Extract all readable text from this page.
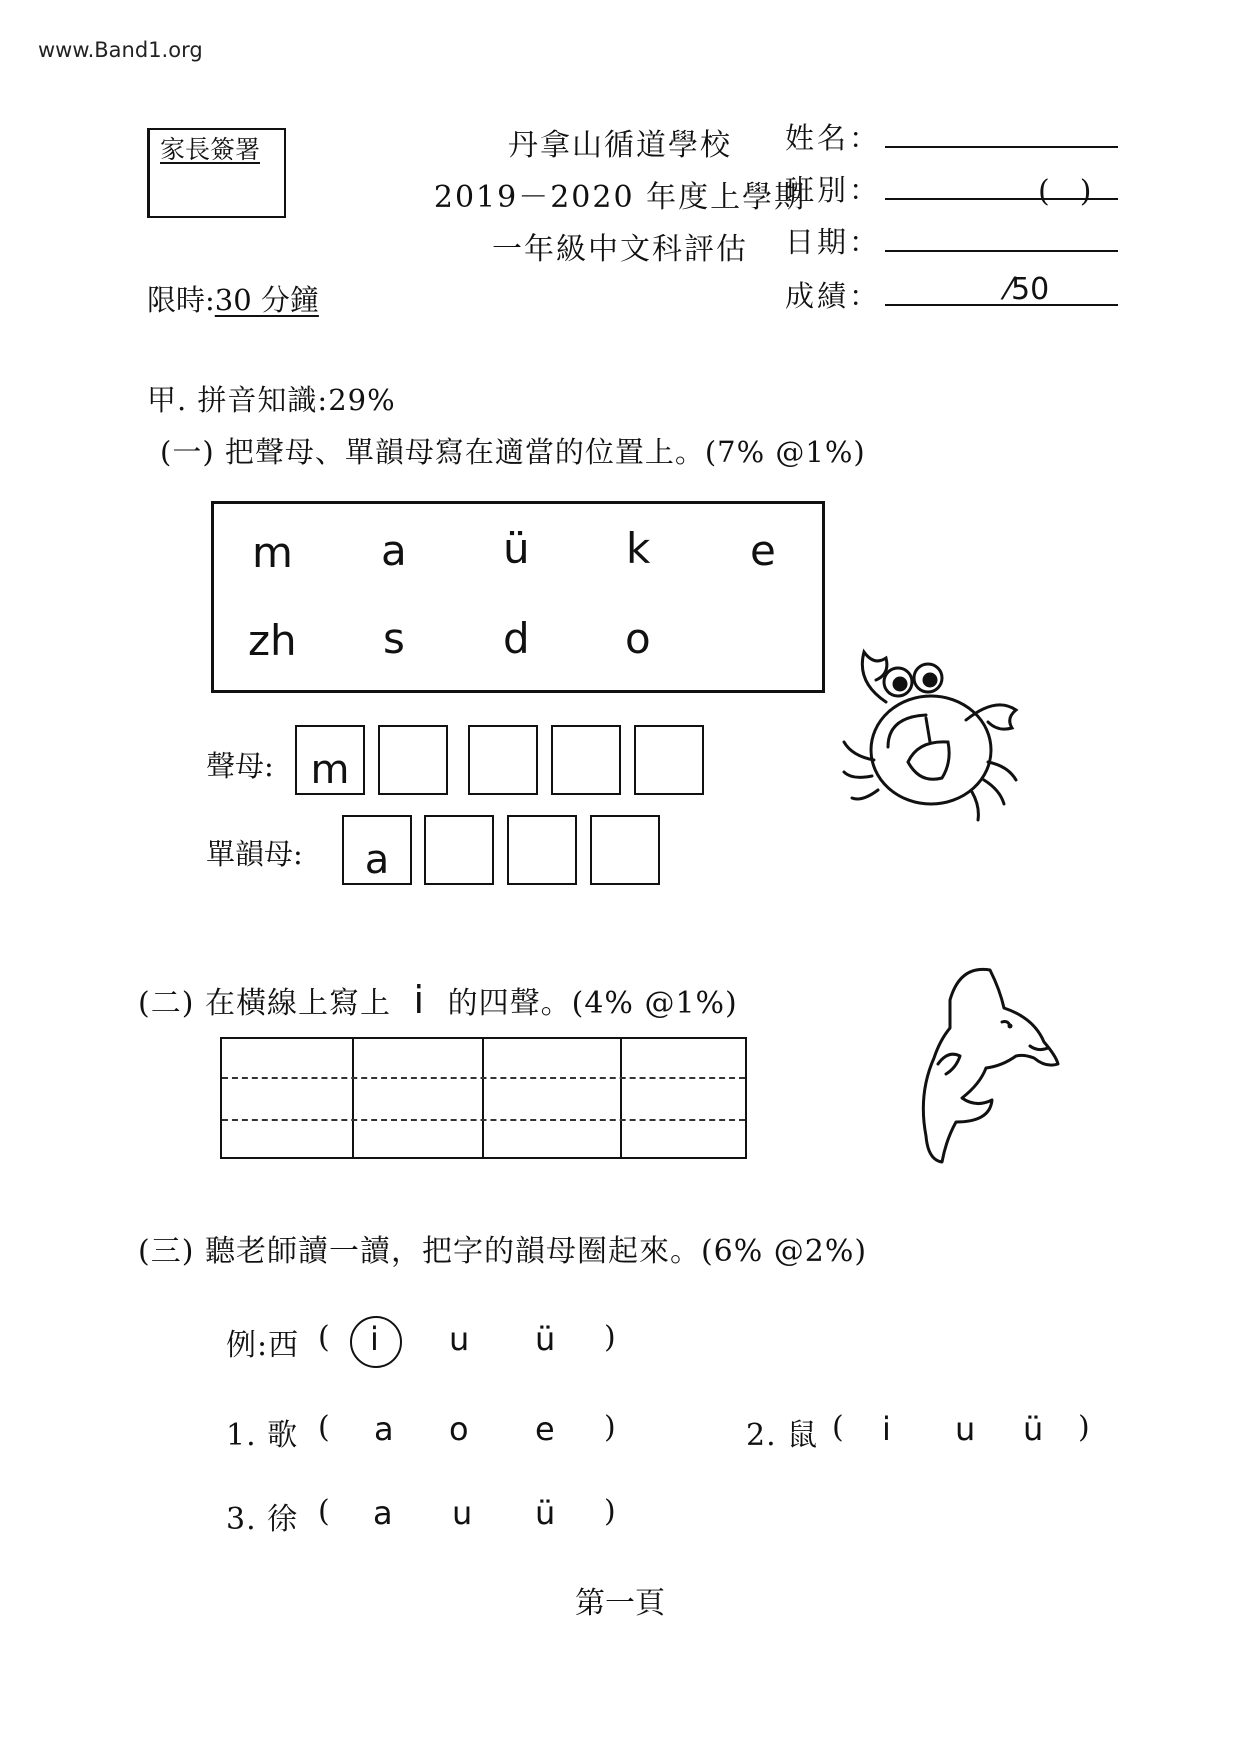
www.Band1.org
家長簽署	丹拿山循道學校
2019－2020 年度上學期
一年級中文科評估
限時:30 分鐘
姓名：
班別：	(　)
日期：
成績：	⁄50
甲. 拼音知識:29%
(一) 把聲母、單韻母寫在適當的位置上。(7% @1%)
m a ü k e
zh s d o
聲母: m
單韻母:	a
(二) 在橫線上寫上 i 的四聲。(4% @1%)
(三) 聽老師讀一讀，把字的韻母圈起來。(6% @2%)
例:西 ( i u ü )
1. 歌 ( a o e )	2. 鼠 ( i u ü )
3. 徐 ( a u ü )
第一頁
